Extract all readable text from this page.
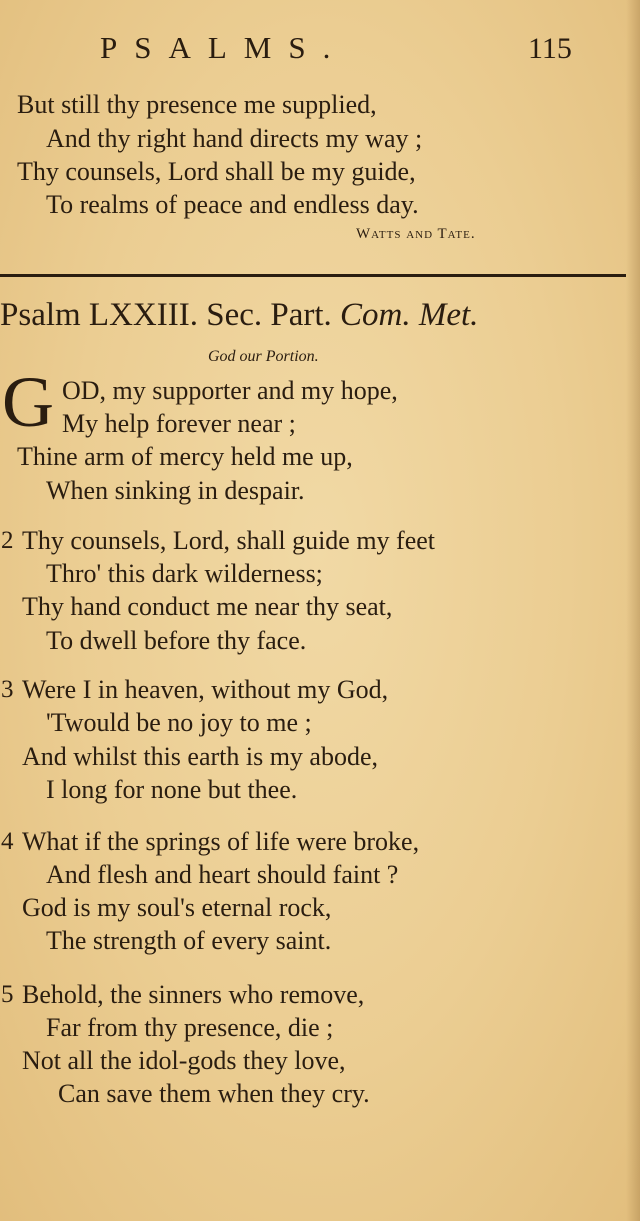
PSALMS.	115
But still thy presence me supplied,
And thy right hand directs my way ;
Thy counsels, Lord shall be my guide,
To realms of peace and endless day.
Watts and Tate.
Psalm LXXIII. Sec. Part. Com. Met.
God our Portion.
G OD, my supporter and my hope,
My help forever near ;
Thine arm of mercy held me up,
When sinking in despair.
2 Thy counsels, Lord, shall guide my feet
Thro' this dark wilderness;
Thy hand conduct me near thy seat,
To dwell before thy face.
3 Were I in heaven, without my God,
'Twould be no joy to me ;
And whilst this earth is my abode,
I long for none but thee.
4 What if the springs of life were broke,
And flesh and heart should faint ?
God is my soul's eternal rock,
The strength of every saint.
5 Behold, the sinners who remove,
Far from thy presence, die ;
Not all the idol-gods they love,
Can save them when they cry.
